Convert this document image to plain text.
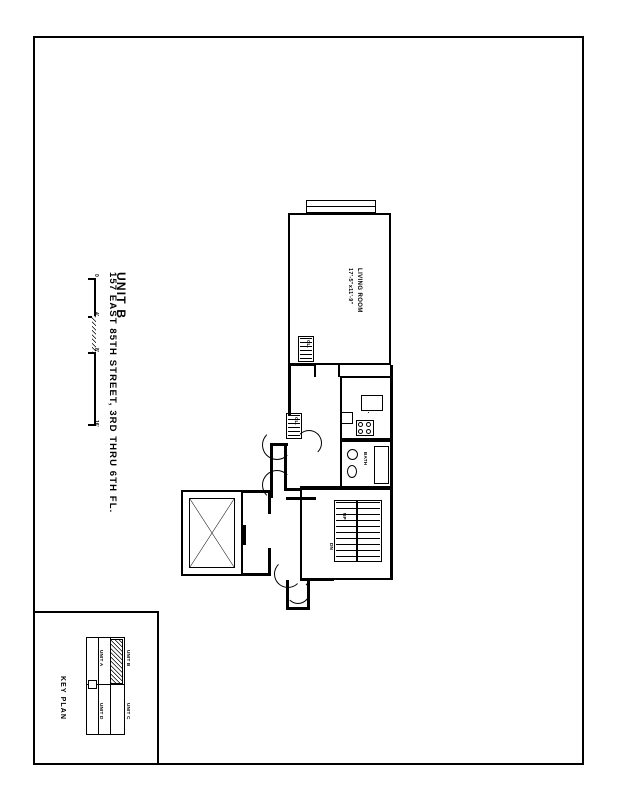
UNIT B
157 EAST 85TH STREET, 3RD THRU 6TH FL.
0
4'
8'
16'
LIVING ROOM
17'-5"x11'-9"
CL.
BATH
UP
DN
CL.
KEY PLAN
UNIT A	UNIT B
UNIT C
UNIT D
